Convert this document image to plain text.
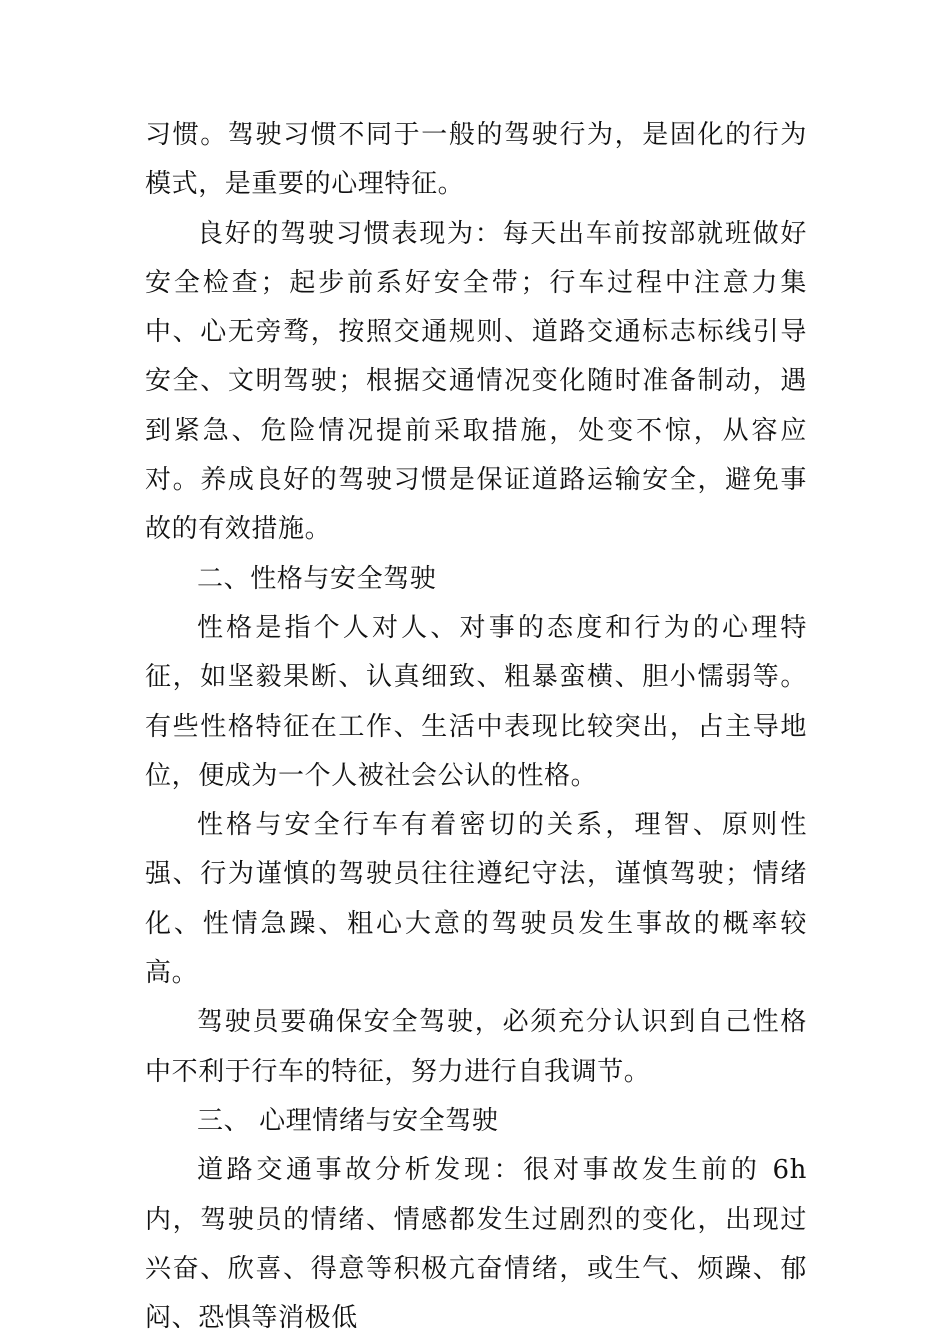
习惯。驾驶习惯不同于一般的驾驶行为，是固化的行为模式，是重要的心理特征。

良好的驾驶习惯表现为：每天出车前按部就班做好安全检查；起步前系好安全带；行车过程中注意力集中、心无旁骛，按照交通规则、道路交通标志标线引导安全、文明驾驶；根据交通情况变化随时准备制动，遇到紧急、危险情况提前采取措施，处变不惊，从容应对。养成良好的驾驶习惯是保证道路运输安全，避免事故的有效措施。

二、性格与安全驾驶

性格是指个人对人、对事的态度和行为的心理特征，如坚毅果断、认真细致、粗暴蛮横、胆小懦弱等。有些性格特征在工作、生活中表现比较突出，占主导地位，便成为一个人被社会公认的性格。

性格与安全行车有着密切的关系，理智、原则性强、行为谨慎的驾驶员往往遵纪守法，谨慎驾驶；情绪化、性情急躁、粗心大意的驾驶员发生事故的概率较高。

驾驶员要确保安全驾驶，必须充分认识到自己性格中不利于行车的特征，努力进行自我调节。

三、 心理情绪与安全驾驶

道路交通事故分析发现：很对事故发生前的 6h 内，驾驶员的情绪、情感都发生过剧烈的变化，出现过兴奋、欣喜、得意等积极亢奋情绪，或生气、烦躁、郁闷、恐惧等消极低
